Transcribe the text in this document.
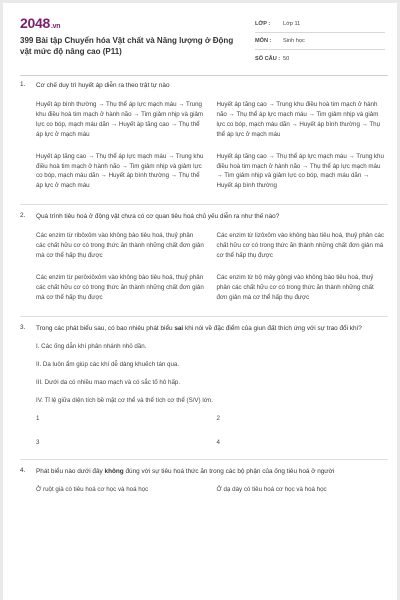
2048.vn
399 Bài tập Chuyển hóa Vật chất và Năng lượng ở Động vật mức độ nâng cao (P11)
LỚP :	Lớp 11
MÔN :	Sinh học
SỐ CÂU : 50
1. Cơ chế duy trì huyết áp diễn ra theo trật tự nào
Huyết áp bình thường → Thụ thể áp lực mạch máu → Trung khu điều hoà tim mạch ở hành não → Tim giảm nhịp và giảm lực co bóp, mạch máu dãn → Huyết áp tăng cao → Thụ thể áp lực ở mạch máu
Huyết áp tăng cao → Trung khu điều hoà tim mạch ở hành não → Thụ thể áp lực mạch máu → Tim giảm nhịp và giảm lực co bóp, mạch máu dãn → Huyết áp bình thường → Thụ thể áp lực ở mạch máu
Huyết áp tăng cao → Thụ thể áp lực mạch máu → Trung khu điều hoà tim mạch ở hành não → Tim giảm nhịp và giảm lực co bóp, mạch máu dãn → Huyết áp bình thường → Thụ thể áp lực ở mạch máu
Huyết áp tăng cao → Thụ thể áp lực mạch máu → Trung khu điều hoà tim mạch ở hành não → Thụ thể áp lực mạch máu → Tim giảm nhịp và giảm lực co bóp, mạch máu dãn → Huyết áp bình thường
2. Quá trình tiêu hoá ở động vật chưa có cơ quan tiêu hoá chủ yếu diễn ra như thế nào?
Các enzim từ ribôxôm vào không bào tiêu hoá, thuỷ phân các chất hữu cơ có trong thức ăn thành những chất đơn giản mà cơ thể hấp thụ được
Các enzim từ lizôxôm vào không bào tiêu hoá, thuỷ phân các chất hữu cơ có trong thức ăn thành những chất đơn giản mà cơ thể hấp thụ được
Các enzim từ perôxiôxôm vào không bào tiêu hoá, thuỷ phân các chất hữu cơ có trong thức ăn thành những chất đơn giản mà cơ thể hấp thụ được
Các enzim từ bộ máy gôngi vào không bào tiêu hoá, thuỷ phân các chất hữu cơ có trong thức ăn thành những chất đơn giản mà cơ thể hấp thụ được
3. Trong các phát biểu sau, có bao nhiêu phát biểu sai khi nói về đặc điểm của giun đất thích ứng với sự trao đổi khí?
I. Các ống dẫn khí phân nhánh nhỏ dần.
II. Da luôn ẩm giúp các khí dễ dàng khuếch tán qua.
III. Dưới da có nhiều mao mạch và có sắc tố hô hấp.
IV. Tỉ lệ giữa diện tích bề mặt cơ thể và thể tích cơ thể (S/V) lớn.
1	2
3	4
4. Phát biểu nào dưới đây không đúng với sự tiêu hoá thức ăn trong các bộ phận của ống tiêu hoá ở người
Ở ruột già có tiêu hoá cơ học và hoá học	Ở dạ dày có tiêu hoá cơ học và hoá học
